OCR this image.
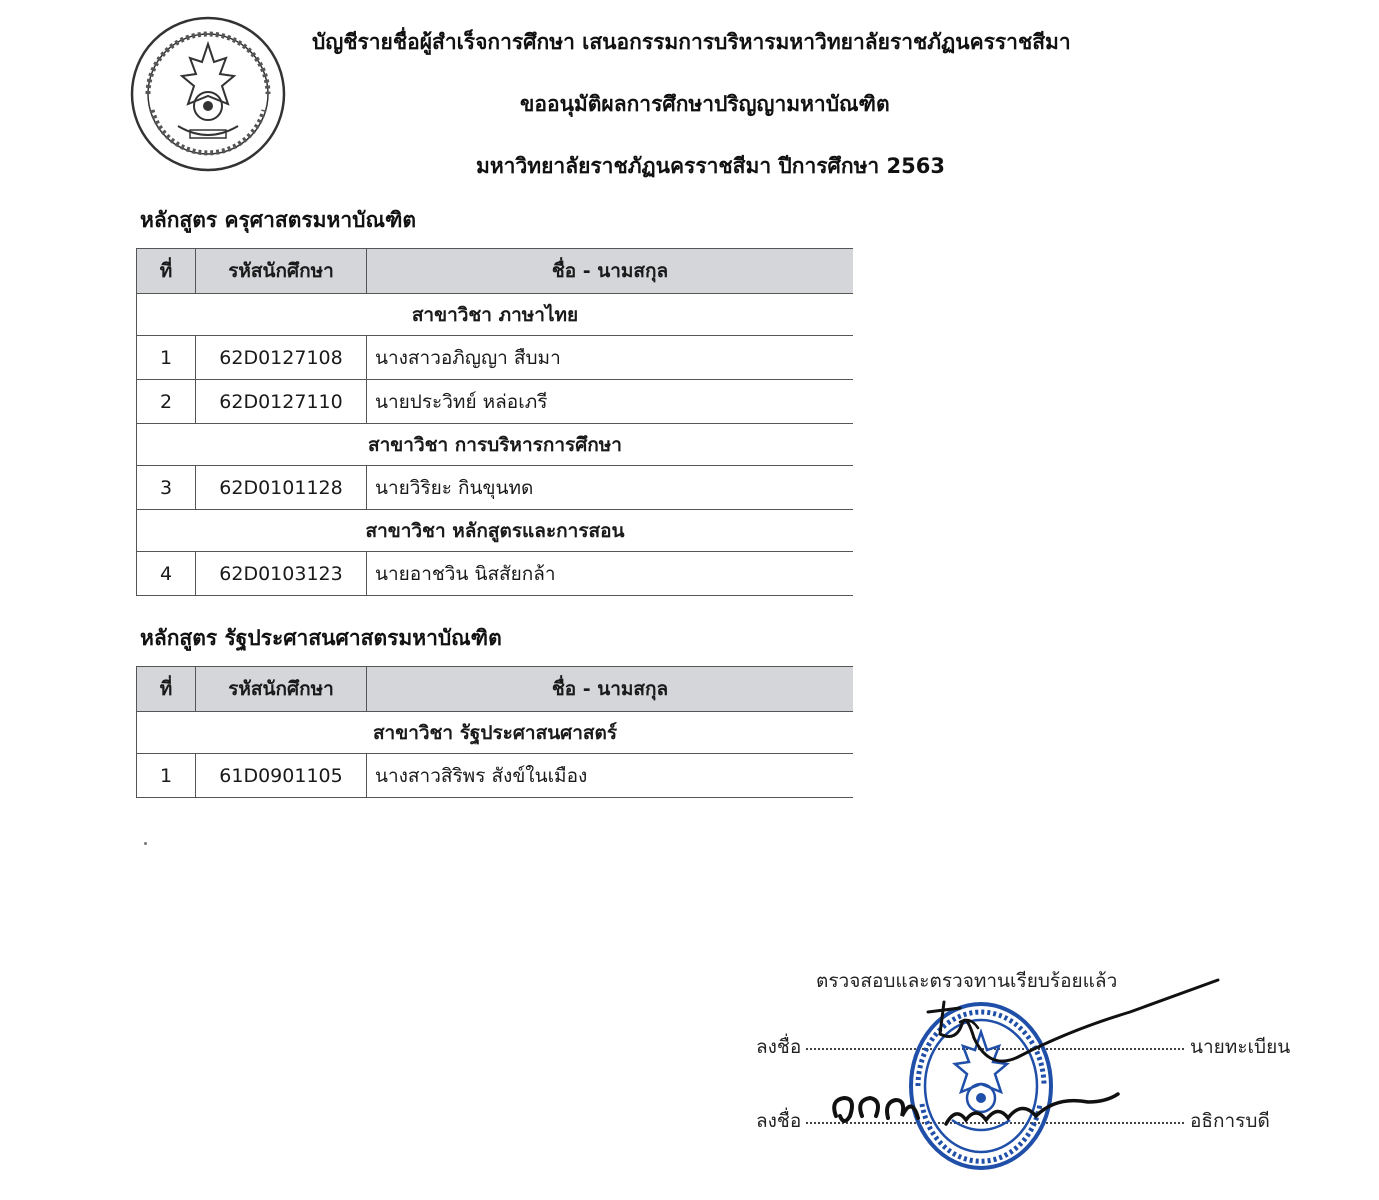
บัญชีรายชื่อผู้สำเร็จการศึกษา เสนอกรรมการบริหารมหาวิทยาลัยราชภัฏนครราชสีมา
ขออนุมัติผลการศึกษาปริญญามหาบัณฑิต
มหาวิทยาลัยราชภัฏนครราชสีมา ปีการศึกษา 2563
หลักสูตร ครุศาสตรมหาบัณฑิต
ที่	รหัสนักศึกษา	ชื่อ - นามสกุล
สาขาวิชา ภาษาไทย		
1	62D0127108	นางสาวอภิญญา สืบมา
2	62D0127110	นายประวิทย์ หล่อเภรี
สาขาวิชา การบริหารการศึกษา		
3	62D0101128	นายวิริยะ กินขุนทด
สาขาวิชา หลักสูตรและการสอน		
4	62D0103123	นายอาชวิน นิสสัยกล้า
หลักสูตร รัฐประศาสนศาสตรมหาบัณฑิต
ที่	รหัสนักศึกษา	ชื่อ - นามสกุล
สาขาวิชา รัฐประศาสนศาสตร์		
1	61D0901105	นางสาวสิริพร สังข์ในเมือง
ตรวจสอบและตรวจทานเรียบร้อยแล้ว
ลงชื่อ	นายทะเบียน
ลงชื่อ	อธิการบดี
